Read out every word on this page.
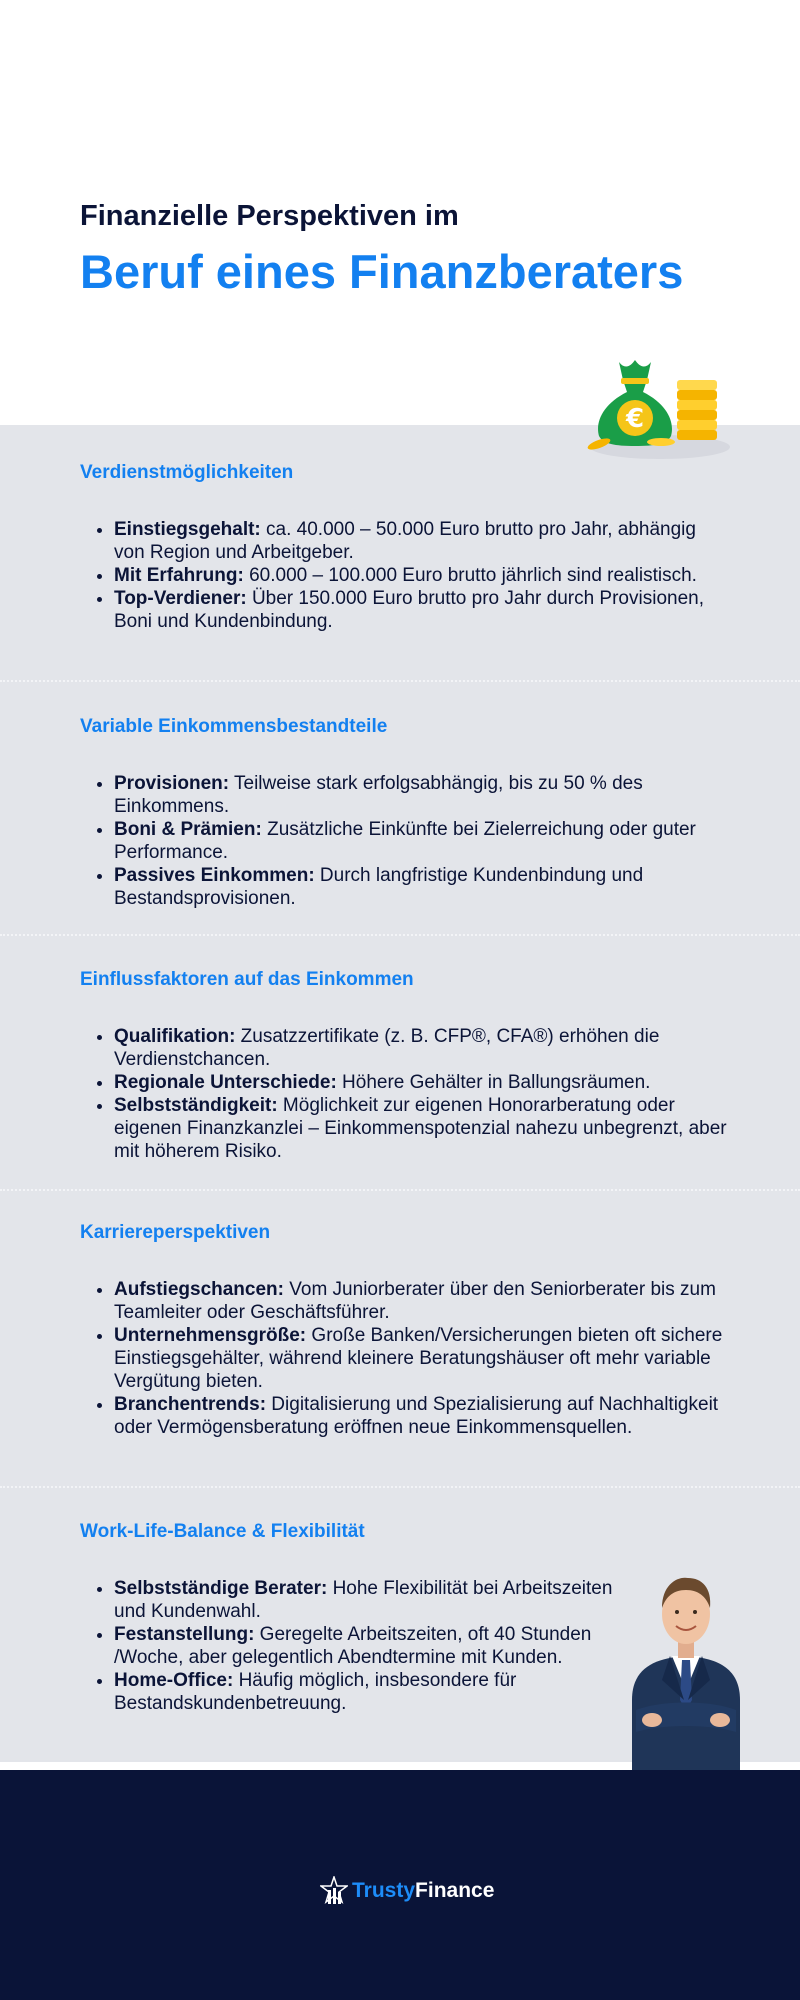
Finanzielle Perspektiven im
Beruf eines Finanzberaters
€
Verdienstmöglichkeiten
• Einstiegsgehalt: ca. 40.000 – 50.000 Euro brutto pro Jahr, abhängig von Region und Arbeitgeber.
• Mit Erfahrung: 60.000 – 100.000 Euro brutto jährlich sind realistisch.
• Top-Verdiener: Über 150.000 Euro brutto pro Jahr durch Provisionen, Boni und Kundenbindung.
Variable Einkommensbestandteile
• Provisionen: Teilweise stark erfolgsabhängig, bis zu 50 % des Einkommens.
• Boni & Prämien: Zusätzliche Einkünfte bei Zielerreichung oder guter Performance.
• Passives Einkommen: Durch langfristige Kundenbindung und Bestandsprovisionen.
Einflussfaktoren auf das Einkommen
• Qualifikation: Zusatzzertifikate (z. B. CFP®, CFA®) erhöhen die Verdienstchancen.
• Regionale Unterschiede: Höhere Gehälter in Ballungsräumen.
• Selbstständigkeit: Möglichkeit zur eigenen Honorarberatung oder eigenen Finanzkanzlei – Einkommenspotenzial nahezu unbegrenzt, aber mit höherem Risiko.
Karriereperspektiven
• Aufstiegschancen: Vom Juniorberater über den Seniorberater bis zum Teamleiter oder Geschäftsführer.
• Unternehmensgröße: Große Banken/Versicherungen bieten oft sichere Einstiegsgehälter, während kleinere Beratungshäuser oft mehr variable Vergütung bieten.
• Branchentrends: Digitalisierung und Spezialisierung auf Nachhaltigkeit oder Vermögensberatung eröffnen neue Einkommensquellen.
Work-Life-Balance & Flexibilität
• Selbstständige Berater: Hohe Flexibilität bei Arbeitszeiten und Kundenwahl.
• Festanstellung: Geregelte Arbeitszeiten, oft 40 Stunden /Woche, aber gelegentlich Abendtermine mit Kunden.
• Home-Office: Häufig möglich, insbesondere für Bestandskundenbetreuung.
TrustyFinance
